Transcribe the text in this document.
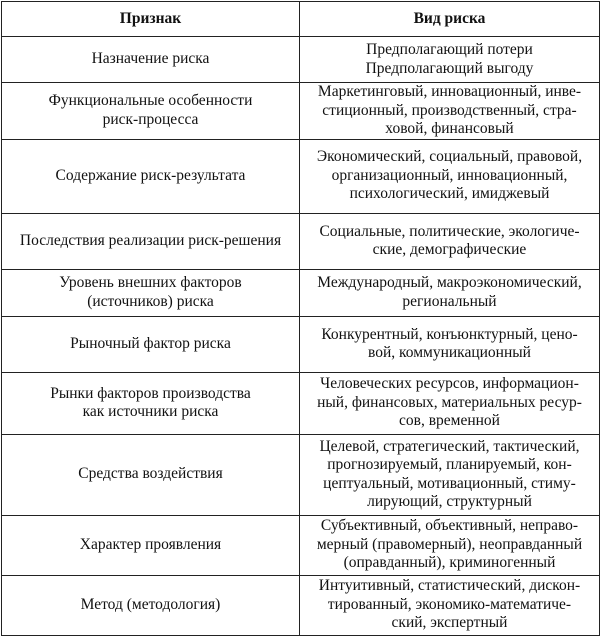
Признак	Вид риска

Назначение риска	Предполагающий потери
Предполагающий выгоду

Функциональные особенности
риск-процесса	Маркетинговый, инновационный, инве-
стиционный, производственный, стра-
ховой, финансовый

Содержание риск-результата	Экономический, социальный, правовой,
организационный, инновационный,
психологический, имиджевый

Последствия реализации риск-решения	Социальные, политические, экологиче-
ские, демографические

Уровень внешних факторов
(источников) риска	Международный, макроэкономический,
региональный

Рыночный фактор риска	Конкурентный, конъюнктурный, цено-
вой, коммуникационный

Рынки факторов производства
как источники риска	Человеческих ресурсов, информацион-
ный, финансовых, материальных ресур-
сов, временной

Средства воздействия	Целевой, стратегический, тактический,
прогнозируемый, планируемый, кон-
цептуальный, мотивационный, стиму-
лирующий, структурный

Характер проявления	Субъективный, объективный, неправо-
мерный (правомерный), неоправданный
(оправданный), криминогенный

Метод (методология)	Интуитивный, статистический, дискон-
тированный, экономико-математиче-
ский, экспертный
